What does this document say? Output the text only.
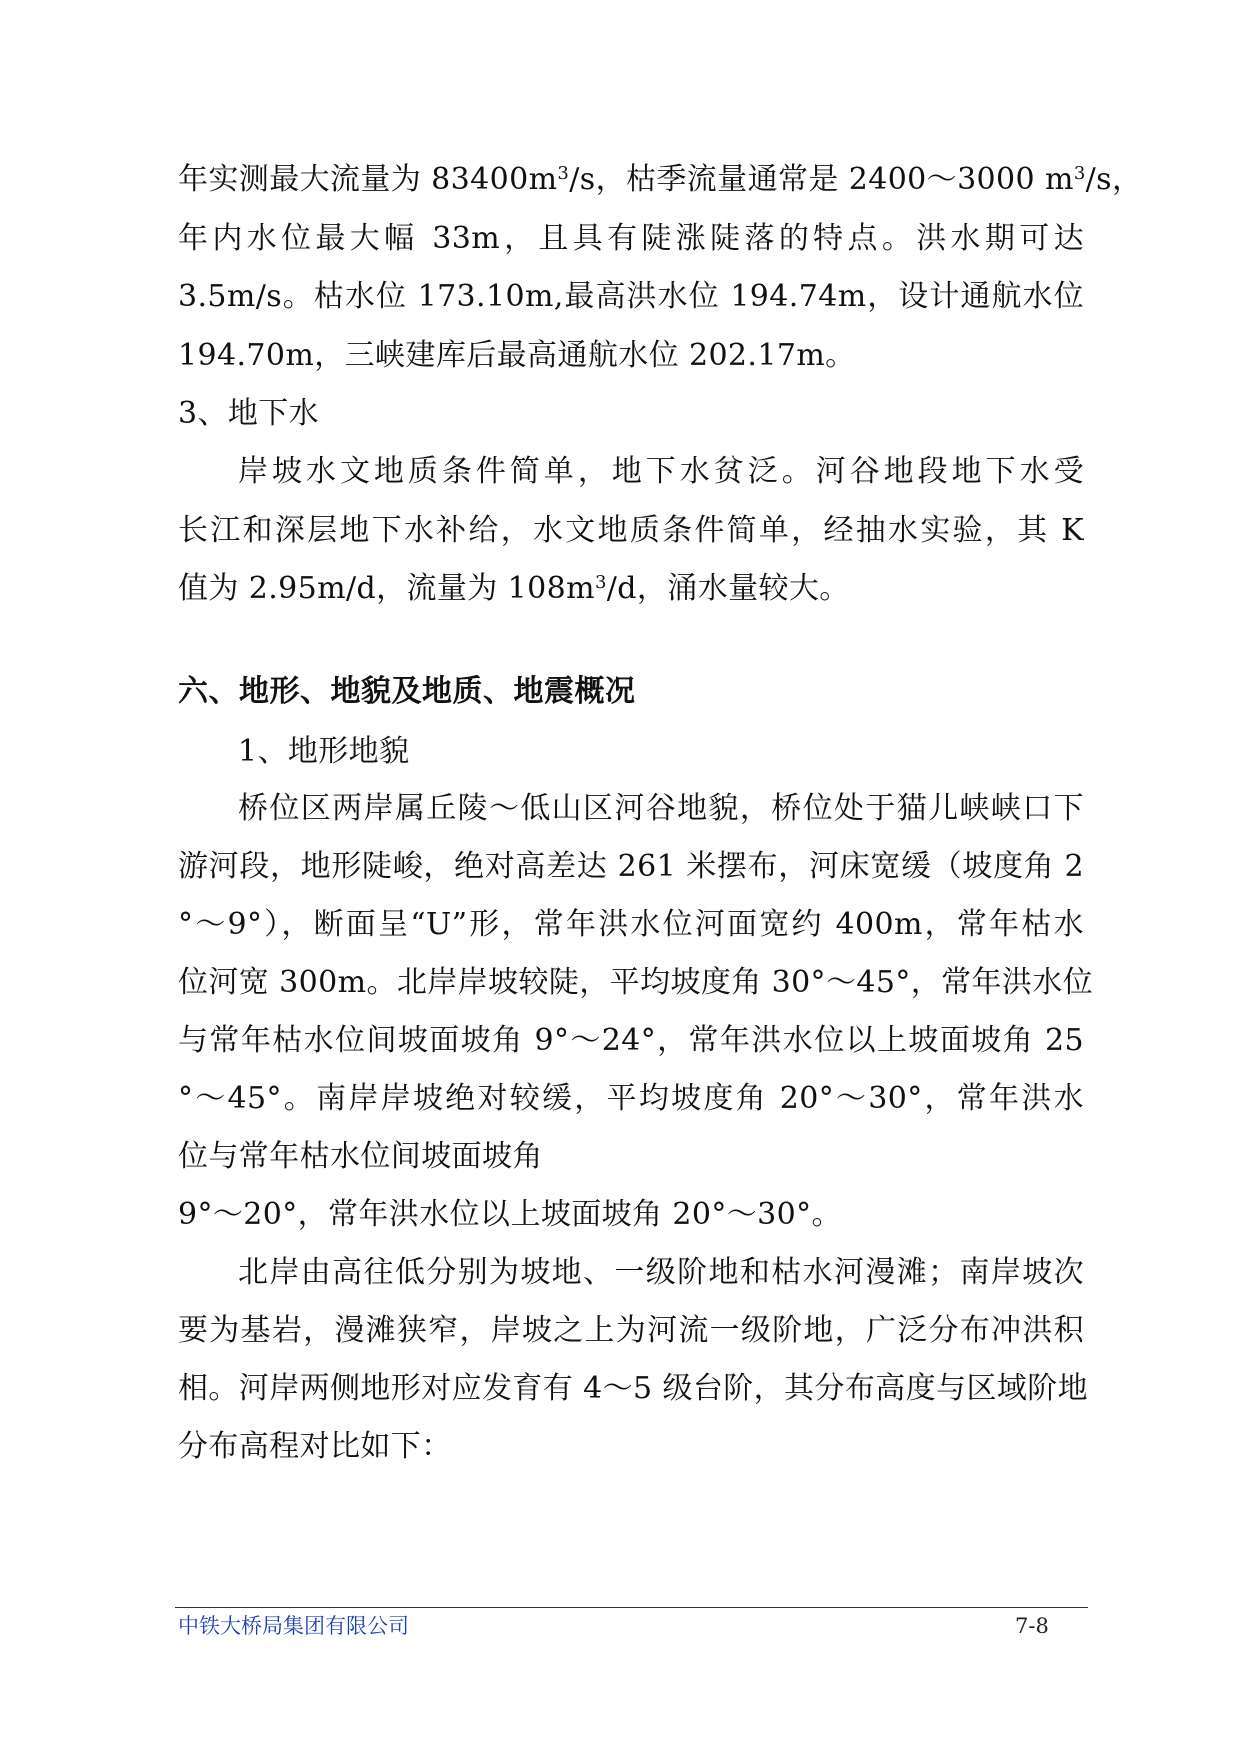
年实测最大流量为 $83400m^3/s$，枯季流量通常是 2400～3000 $m^3/s$，
年内水位最大幅 33m，且具有陡涨陡落的特点。洪水期可达
3.5m/s。枯水位 173.10m,最高洪水位 194.74m，设计通航水位
194.70m，三峡建库后最高通航水位 202.17m。
3、地下水
岸坡水文地质条件简单，地下水贫泛。河谷地段地下水受
长江和深层地下水补给，水文地质条件简单，经抽水实验，其 K
值为 2.95m/d，流量为 $108m^3/d$，涌水量较大。
六、地形、地貌及地质、地震概况
1、地形地貌
桥位区两岸属丘陵～低山区河谷地貌，桥位处于猫儿峡峡口下
游河段，地形陡峻，绝对高差达 261 米摆布，河床宽缓（坡度角 2
°～9°），断面呈“U”形，常年洪水位河面宽约 400m，常年枯水
位河宽 300m。北岸岸坡较陡，平均坡度角 30°～45°，常年洪水位
与常年枯水位间坡面坡角 9°～24°，常年洪水位以上坡面坡角 25
°～45°。南岸岸坡绝对较缓，平均坡度角 20°～30°，常年洪水
位与常年枯水位间坡面坡角
9°～20°，常年洪水位以上坡面坡角 20°～30°。
北岸由高往低分别为坡地、一级阶地和枯水河漫滩；南岸坡次
要为基岩，漫滩狭窄，岸坡之上为河流一级阶地，广泛分布冲洪积
相。河岸两侧地形对应发育有 4～5 级台阶，其分布高度与区域阶地
分布高程对比如下：
中铁大桥局集团有限公司	7-8
